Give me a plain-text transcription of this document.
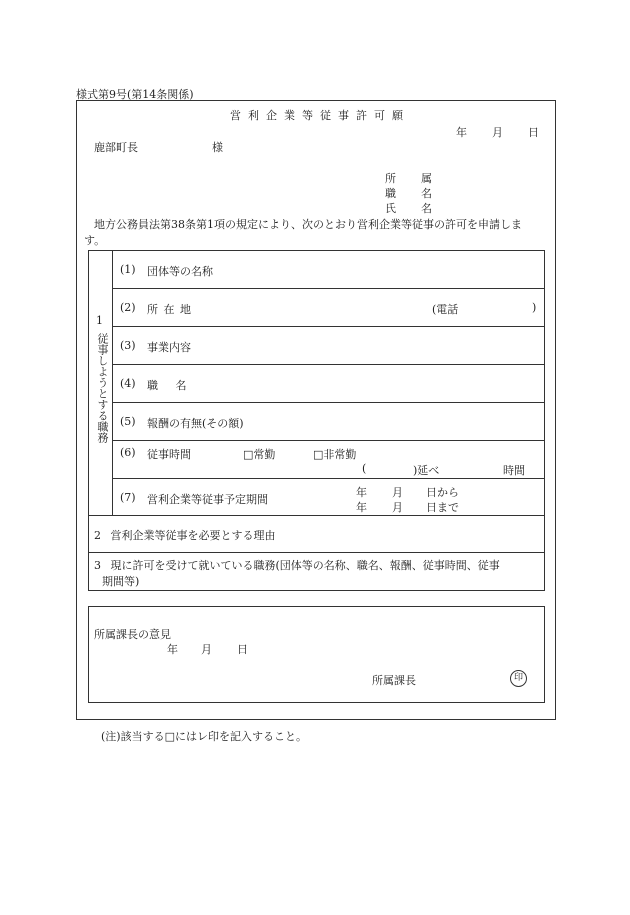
様式第9号(第14条関係)
営利企業等従事許可願
年 月 日
鹿部町長	様
所 属
職 名
氏 名
地方公務員法第38条第1項の規定により、次のとおり営利企業等従事の許可を申請しま
す。
1
従事しようとする職務
(1) 団体等の名称
(2) 所 在 地	(電話	)
(3) 事業内容
(4) 職 名
(5) 報酬の有無(その額)
(6) 従事時間	□常勤	□非常勤
(	)延べ	時間
(7) 営利企業等従事予定期間
年 月 日から
年 月 日まで
2 営利企業等従事を必要とする理由
3 現に許可を受けて就いている職務(団体等の名称、職名、報酬、従事時間、従事
期間等)
所属課長の意見
年 月 日
所属課長	印
(注)該当する□にはレ印を記入すること。
